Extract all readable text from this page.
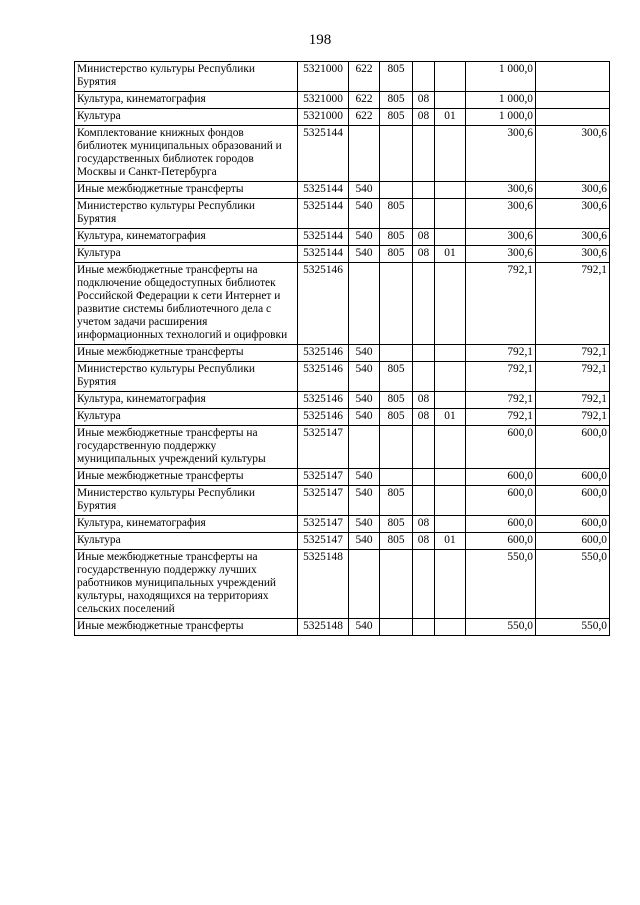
198
Министерство культуры Республики Бурятия	5321000	622	805			1 000,0	
Культура, кинематография	5321000	622	805	08		1 000,0	
Культура	5321000	622	805	08	01	1 000,0	
Комплектование книжных фондов библиотек муниципальных образований и государственных библиотек городов Москвы и Санкт-Петербурга	5325144					300,6	300,6
Иные межбюджетные трансферты	5325144	540				300,6	300,6
Министерство культуры Республики Бурятия	5325144	540	805			300,6	300,6
Культура, кинематография	5325144	540	805	08		300,6	300,6
Культура	5325144	540	805	08	01	300,6	300,6
Иные межбюджетные трансферты на подключение общедоступных библиотек Российской Федерации к сети Интернет и развитие системы библиотечного дела с учетом задачи расширения информационных технологий и оцифровки	5325146					792,1	792,1
Иные межбюджетные трансферты	5325146	540				792,1	792,1
Министерство культуры Республики Бурятия	5325146	540	805			792,1	792,1
Культура, кинематография	5325146	540	805	08		792,1	792,1
Культура	5325146	540	805	08	01	792,1	792,1
Иные межбюджетные трансферты на государственную поддержку муниципальных учреждений культуры	5325147					600,0	600,0
Иные межбюджетные трансферты	5325147	540				600,0	600,0
Министерство культуры Республики Бурятия	5325147	540	805			600,0	600,0
Культура, кинематография	5325147	540	805	08		600,0	600,0
Культура	5325147	540	805	08	01	600,0	600,0
Иные межбюджетные трансферты на государственную поддержку лучших работников муниципальных учреждений культуры, находящихся на территориях сельских поселений	5325148					550,0	550,0
Иные межбюджетные трансферты	5325148	540				550,0	550,0
